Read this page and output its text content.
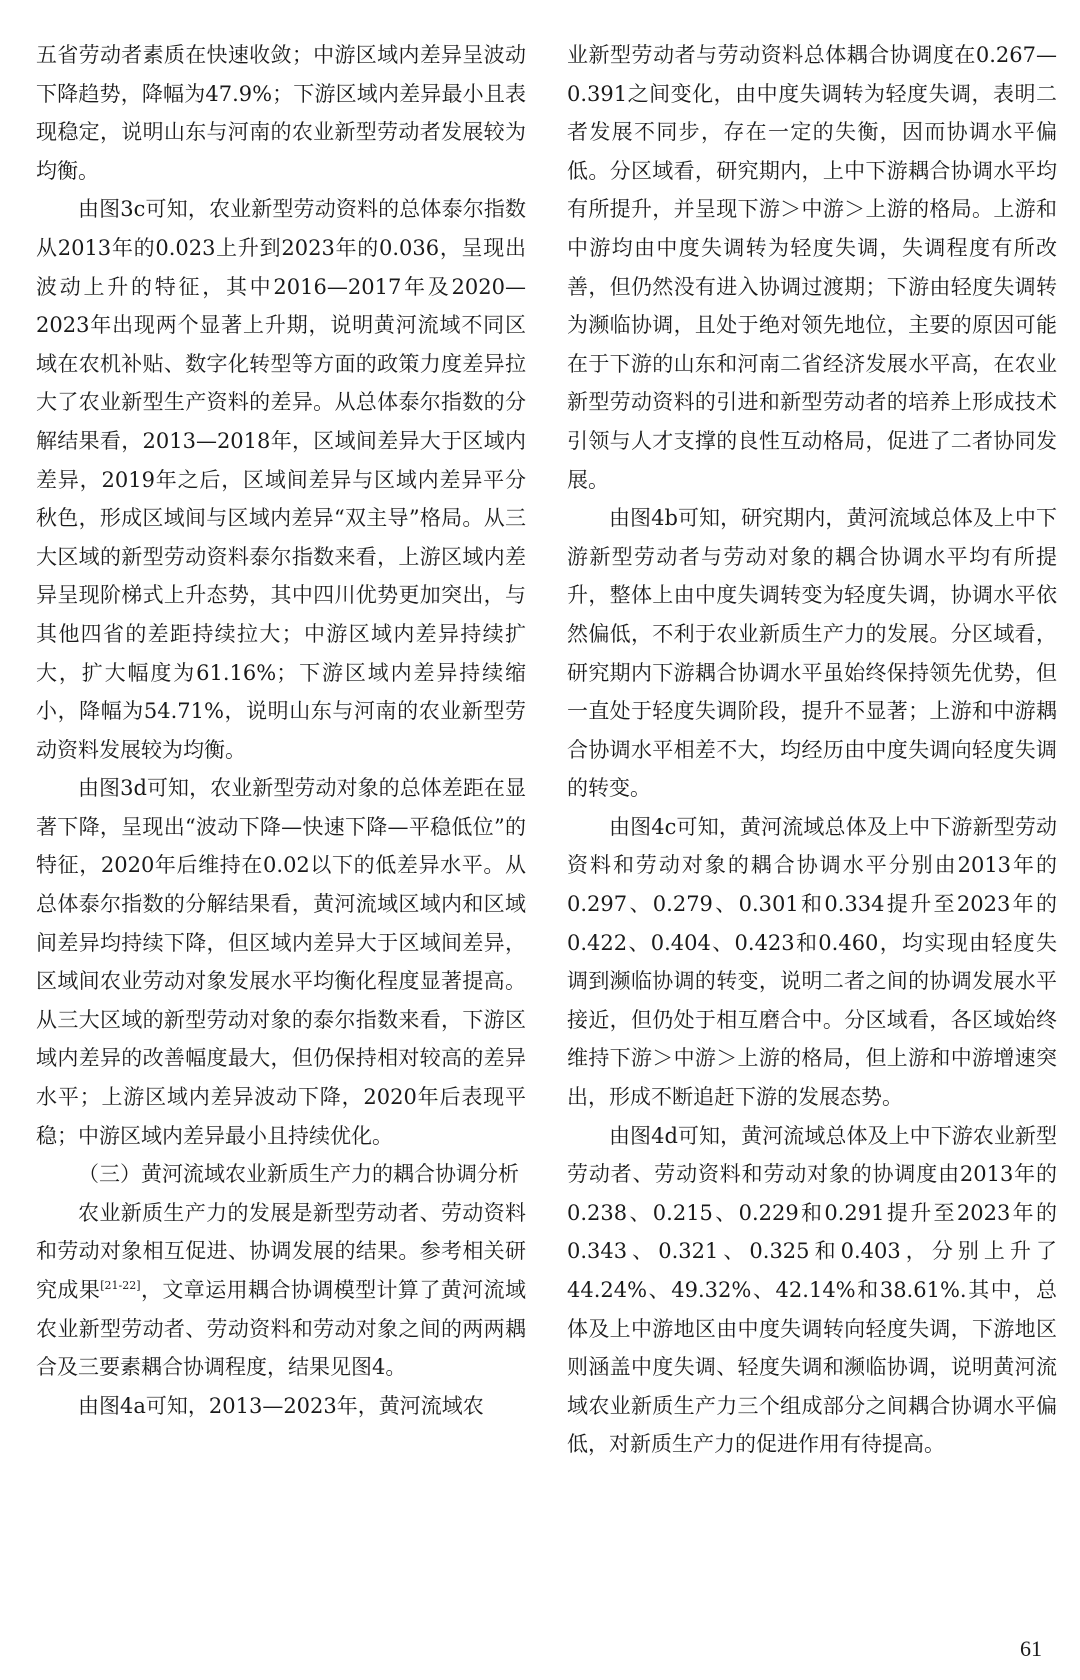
五省劳动者素质在快速收敛；中游区域内差异呈波动下降趋势，降幅为47.9%；下游区域内差异最小且表现稳定，说明山东与河南的农业新型劳动者发展较为均衡。

由图3c可知，农业新型劳动资料的总体泰尔指数从2013年的0.023上升到2023年的0.036，呈现出波动上升的特征，其中2016—2017年及2020—2023年出现两个显著上升期，说明黄河流域不同区域在农机补贴、数字化转型等方面的政策力度差异拉大了农业新型生产资料的差异。从总体泰尔指数的分解结果看，2013—2018年，区域间差异大于区域内差异，2019年之后，区域间差异与区域内差异平分秋色，形成区域间与区域内差异“双主导”格局。从三大区域的新型劳动资料泰尔指数来看，上游区域内差异呈现阶梯式上升态势，其中四川优势更加突出，与其他四省的差距持续拉大；中游区域内差异持续扩大，扩大幅度为61.16%；下游区域内差异持续缩小，降幅为54.71%，说明山东与河南的农业新型劳动资料发展较为均衡。

由图3d可知，农业新型劳动对象的总体差距在显著下降，呈现出“波动下降—快速下降—平稳低位”的特征，2020年后维持在0.02以下的低差异水平。从总体泰尔指数的分解结果看，黄河流域区域内和区域间差异均持续下降，但区域内差异大于区域间差异，区域间农业劳动对象发展水平均衡化程度显著提高。从三大区域的新型劳动对象的泰尔指数来看，下游区域内差异的改善幅度最大，但仍保持相对较高的差异水平；上游区域内差异波动下降，2020年后表现平稳；中游区域内差异最小且持续优化。

（三）黄河流域农业新质生产力的耦合协调分析

农业新质生产力的发展是新型劳动者、劳动资料和劳动对象相互促进、协调发展的结果。参考相关研究成果[21-22]，文章运用耦合协调模型计算了黄河流域农业新型劳动者、劳动资料和劳动对象之间的两两耦合及三要素耦合协调程度，结果见图4。

由图4a可知，2013—2023年，黄河流域农

业新型劳动者与劳动资料总体耦合协调度在0.267—0.391之间变化，由中度失调转为轻度失调，表明二者发展不同步，存在一定的失衡，因而协调水平偏低。分区域看，研究期内，上中下游耦合协调水平均有所提升，并呈现下游＞中游＞上游的格局。上游和中游均由中度失调转为轻度失调，失调程度有所改善，但仍然没有进入协调过渡期；下游由轻度失调转为濒临协调，且处于绝对领先地位，主要的原因可能在于下游的山东和河南二省经济发展水平高，在农业新型劳动资料的引进和新型劳动者的培养上形成技术引领与人才支撑的良性互动格局，促进了二者协同发展。

由图4b可知，研究期内，黄河流域总体及上中下游新型劳动者与劳动对象的耦合协调水平均有所提升，整体上由中度失调转变为轻度失调，协调水平依然偏低，不利于农业新质生产力的发展。分区域看，研究期内下游耦合协调水平虽始终保持领先优势，但一直处于轻度失调阶段，提升不显著；上游和中游耦合协调水平相差不大，均经历由中度失调向轻度失调的转变。

由图4c可知，黄河流域总体及上中下游新型劳动资料和劳动对象的耦合协调水平分别由2013年的0.297、0.279、0.301和0.334提升至2023年的0.422、0.404、0.423和0.460，均实现由轻度失调到濒临协调的转变，说明二者之间的协调发展水平接近，但仍处于相互磨合中。分区域看，各区域始终维持下游＞中游＞上游的格局，但上游和中游增速突出，形成不断追赶下游的发展态势。

由图4d可知，黄河流域总体及上中下游农业新型劳动者、劳动资料和劳动对象的协调度由2013年的0.238、0.215、0.229和0.291提升至2023年的0.343、0.321、0.325和0.403，分别上升了44.24%、49.32%、42.14%和38.61%.其中，总体及上中游地区由中度失调转向轻度失调，下游地区则涵盖中度失调、轻度失调和濒临协调，说明黄河流域农业新质生产力三个组成部分之间耦合协调水平偏低，对新质生产力的促进作用有待提高。

61
